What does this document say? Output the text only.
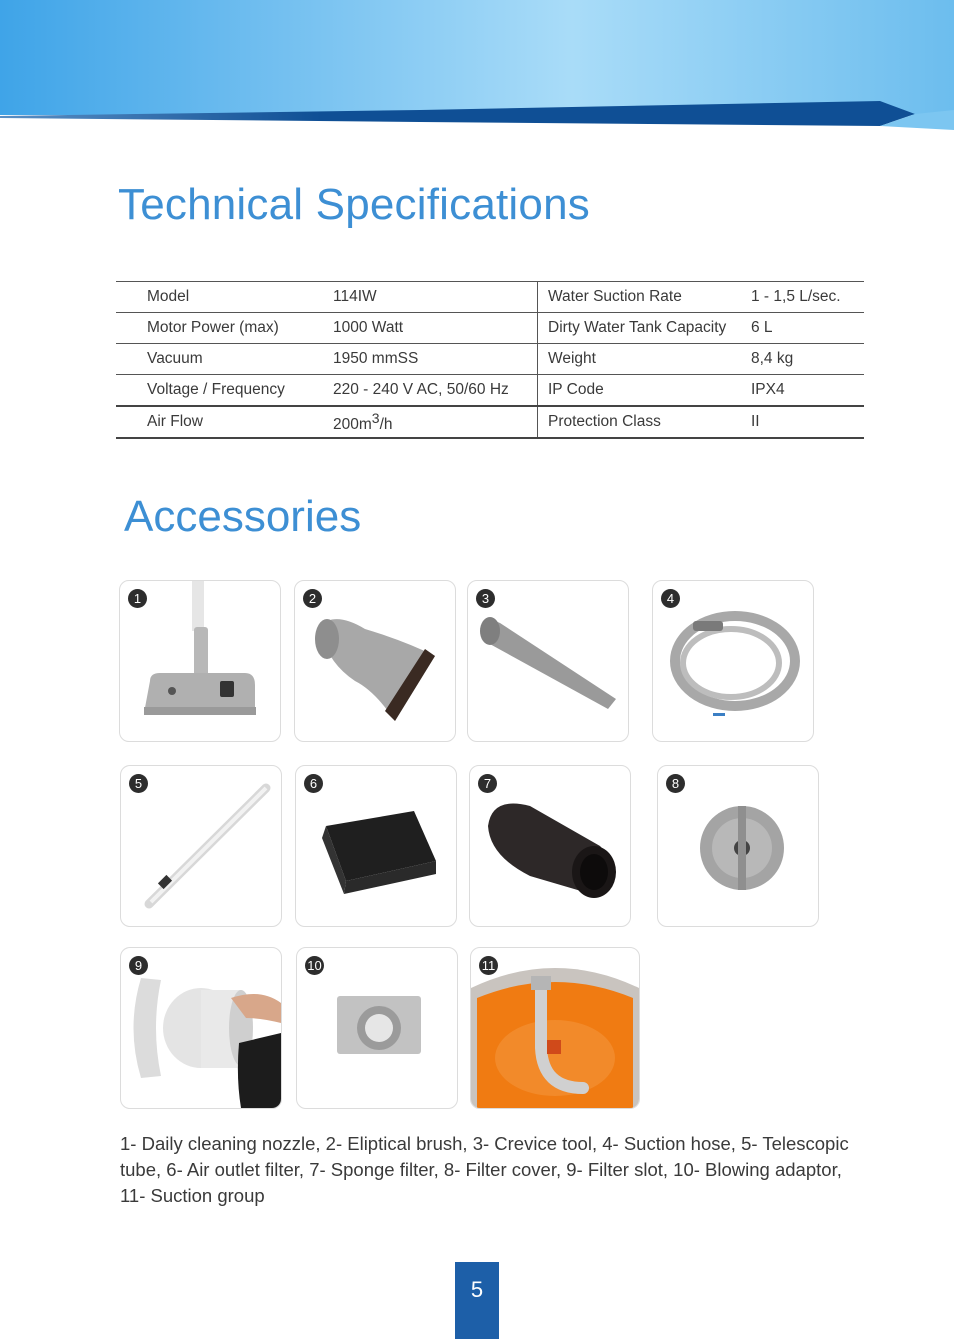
Technical Specifications
Model	114IW	Water Suction Rate	1 - 1,5 L/sec.
Motor Power (max)	1000 Watt	Dirty Water Tank Capacity	6 L
Vacuum	1950 mmSS	Weight	8,4 kg
Voltage / Frequency	220 - 240 V AC, 50/60 Hz	IP Code	IPX4
Air Flow	$200m^3/h$	Protection Class	II
Accessories
1	2	3	4
5	6	7	8
9	10	11

1- Daily cleaning nozzle, 2- Eliptical brush, 3- Crevice tool, 4- Suction hose, 5- Telescopic tube, 6- Air outlet filter, 7- Sponge filter, 8- Filter cover, 9- Filter slot, 10- Blowing adaptor, 11- Suction group

5
